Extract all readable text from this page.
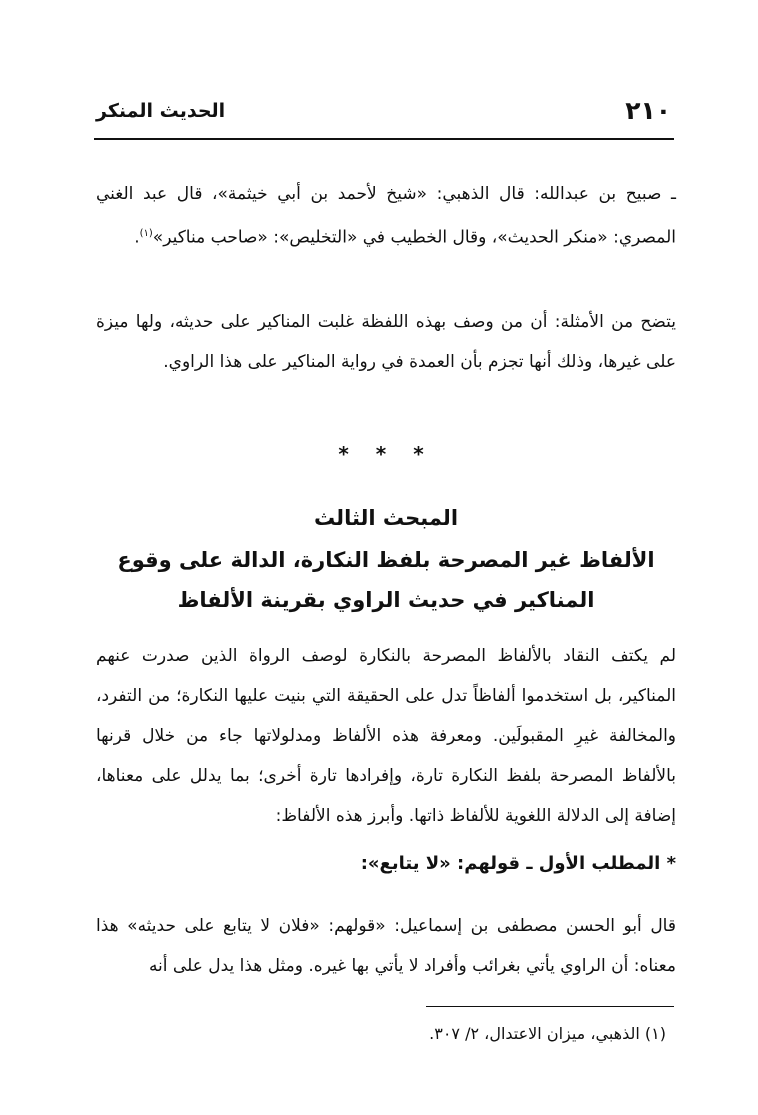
٢١٠
الحديث المنكر
ـ صبيح بن عبدالله: قال الذهبي: «شيخ لأحمد بن أبي خيثمة»، قال عبد الغني المصري: «منكر الحديث»، وقال الخطيب في «التخليص»: «صاحب مناكير»$^{(١)}$.
يتضح من الأمثلة: أن من وصف بهذه اللفظة غلبت المناكير على حديثه، ولها ميزة على غيرها، وذلك أنها تجزم بأن العمدة في رواية المناكير على هذا الراوي.
* * *
المبحث الثالث
الألفاظ غير المصرحة بلفظ النكارة، الدالة على وقوع
المناكير في حديث الراوي بقرينة الألفاظ
لم يكتف النقاد بالألفاظ المصرحة بالنكارة لوصف الرواة الذين صدرت عنهم المناكير، بل استخدموا ألفاظاً تدل على الحقيقة التي بنيت عليها النكارة؛ من التفرد، والمخالفة غيرِ المقبولَين. ومعرفة هذه الألفاظ ومدلولاتها جاء من خلال قرنها بالألفاظ المصرحة بلفظ النكارة تارة، وإفرادها تارة أخرى؛ بما يدلل على معناها، إضافة إلى الدلالة اللغوية للألفاظ ذاتها. وأبرز هذه الألفاظ:
* المطلب الأول ـ قولهم: «لا يتابع»:
قال أبو الحسن مصطفى بن إسماعيل: «قولهم: «فلان لا يتابع على حديثه» هذا معناه: أن الراوي يأتي بغرائب وأفراد لا يأتي بها غيره. ومثل هذا يدل على أنه
(١) الذهبي، ميزان الاعتدال، ٢/ ٣٠٧.
